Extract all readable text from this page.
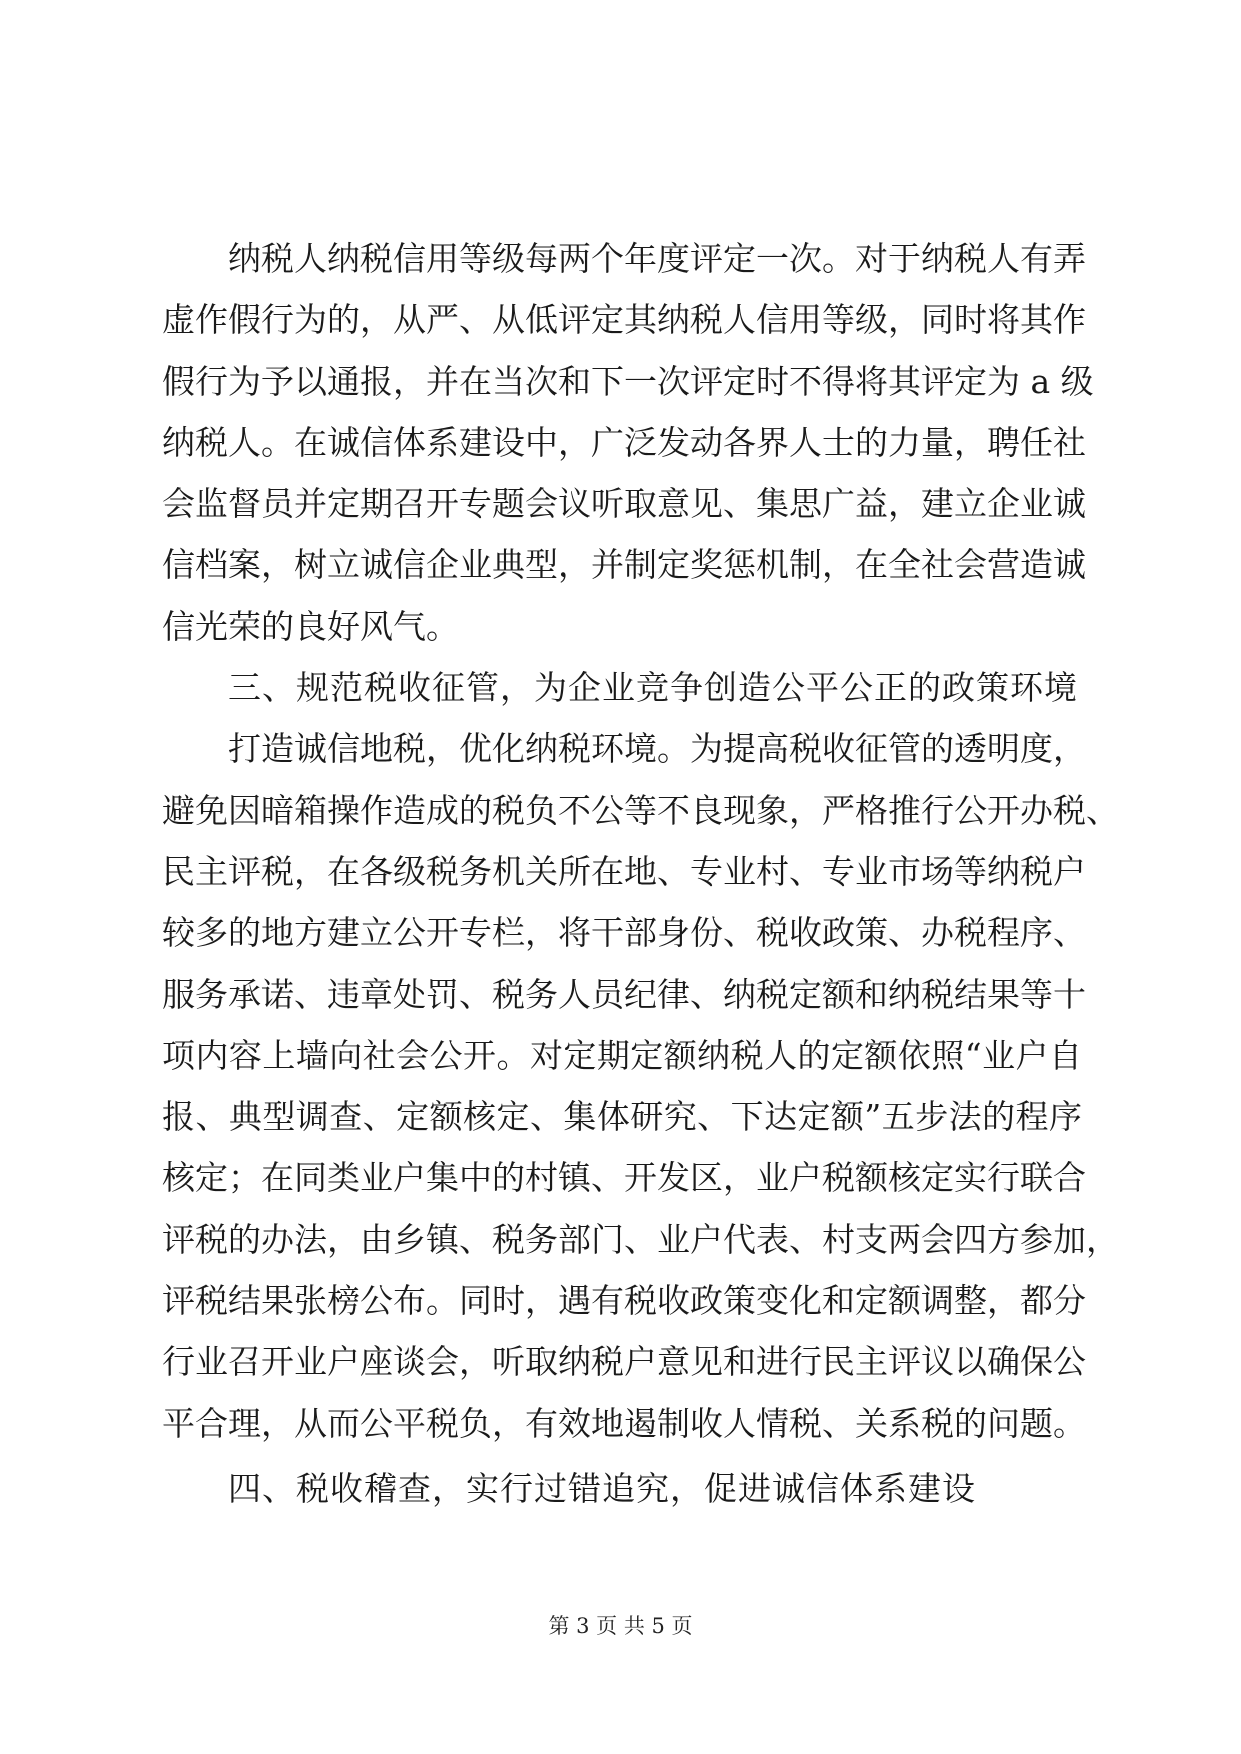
纳税人纳税信用等级每两个年度评定一次。对于纳税人有弄
虚作假行为的，从严、从低评定其纳税人信用等级，同时将其作
假行为予以通报，并在当次和下一次评定时不得将其评定为 a 级
纳税人。在诚信体系建设中，广泛发动各界人士的力量，聘任社
会监督员并定期召开专题会议听取意见、集思广益，建立企业诚
信档案，树立诚信企业典型，并制定奖惩机制，在全社会营造诚
信光荣的良好风气。
三、规范税收征管，为企业竞争创造公平公正的政策环境
打造诚信地税，优化纳税环境。为提高税收征管的透明度，
避免因暗箱操作造成的税负不公等不良现象，严格推行公开办税、
民主评税，在各级税务机关所在地、专业村、专业市场等纳税户
较多的地方建立公开专栏，将干部身份、税收政策、办税程序、
服务承诺、违章处罚、税务人员纪律、纳税定额和纳税结果等十
项内容上墙向社会公开。对定期定额纳税人的定额依照“业户自
报、典型调查、定额核定、集体研究、下达定额”五步法的程序
核定；在同类业户集中的村镇、开发区，业户税额核定实行联合
评税的办法，由乡镇、税务部门、业户代表、村支两会四方参加，
评税结果张榜公布。同时，遇有税收政策变化和定额调整，都分
行业召开业户座谈会，听取纳税户意见和进行民主评议以确保公
平合理，从而公平税负，有效地遏制收人情税、关系税的问题。
四、税收稽查，实行过错追究，促进诚信体系建设
第 3 页 共 5 页
